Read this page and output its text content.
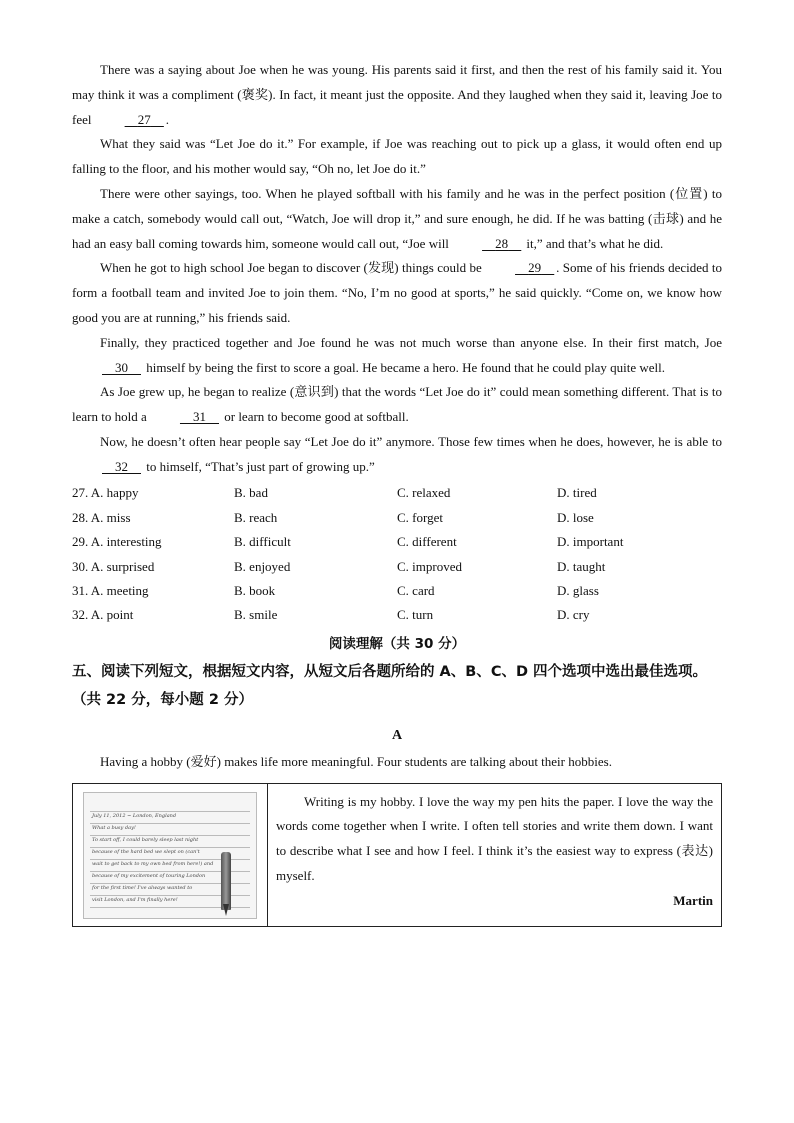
There was a saying about Joe when he was young. His parents said it first, and then the rest of his family said it. You may think it was a compliment (褒奖). In fact, it meant just the opposite. And they laughed when they said it, leaving Joe to feel	27 .

What they said was “Let Joe do it.” For example, if Joe was reaching out to pick up a glass, it would often end up falling to the floor, and his mother would say, “Oh no, let Joe do it.”

There were other sayings, too. When he played softball with his family and he was in the perfect position (位置) to make a catch, somebody would call out, “Watch, Joe will drop it,” and sure enough, he did. If he was batting (击球) and he had an easy ball coming towards him, someone would call out, “Joe will	28 it,” and that’s what he did.

When he got to high school Joe began to discover (发现) things could be	29 . Some of his friends decided to form a football team and invited Joe to join them. “No, I’m no good at sports,” he said quickly. “Come on, we know how good you are at running,” his friends said.

Finally, they practiced together and Joe found he was not much worse than anyone else. In their first match, Joe 30 himself by being the first to score a goal. He became a hero. He found that he could play quite well.

As Joe grew up, he began to realize (意识到) that the words “Let Joe do it” could mean something different. That is to learn to hold a	31 or learn to become good at softball.

Now, he doesn’t often hear people say “Let Joe do it” anymore. Those few times when he does, however, he is able to 32 to himself, “That’s just part of growing up.”

27. A. happy	B. bad	C. relaxed	D. tired
28. A. miss	B. reach	C. forget	D. lose
29. A. interesting	B. difficult	C. different	D. important
30. A. surprised	B. enjoyed	C. improved	D. taught
31. A. meeting	B. book	C. card	D. glass
32. A. point	B. smile	C. turn	D. cry
阅读理解（共 30 分）
五、阅读下列短文，根据短文内容，从短文后各题所给的 A、B、C、D 四个选项中选出最佳选项。（共 22 分，每小题 2 分）
A

Having a hobby (爱好) makes life more meaningful. Four students are talking about their hobbies.

July 11, 2012 ~ London, England
What a busy day!
To start off, I could barely sleep last night
because of the hard bed we slept on (can't
wait to get back to my own bed from here!) and
because of my excitement of touring London
for the first time! I've always wanted to
visit London, and I'm finally here!

Writing is my hobby. I love the way my pen hits the paper. I love the way the words come together when I write. I often tell stories and write them down. I want to describe what I see and how I feel. I think it’s the easiest way to express (表达) myself.

Martin
